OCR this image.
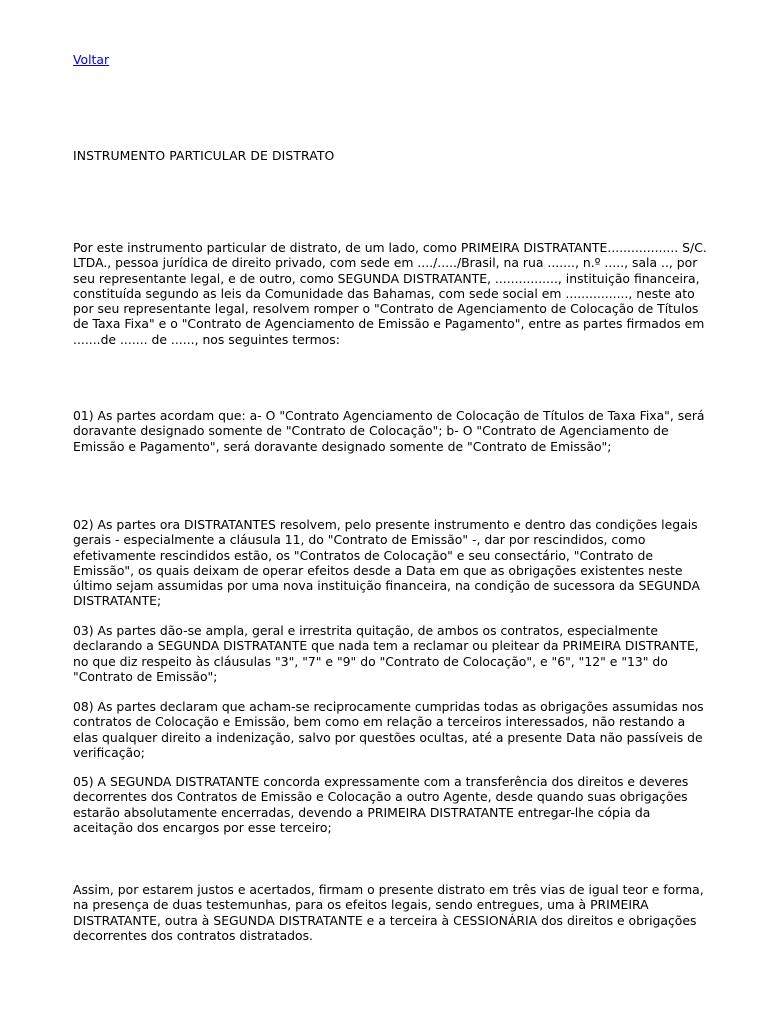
Voltar
INSTRUMENTO PARTICULAR DE DISTRATO

Por este instrumento particular de distrato, de um lado, como PRIMEIRA DISTRATANTE.................. S/C. LTDA., pessoa jurídica de direito privado, com sede em ..../...../Brasil, na rua ......., n.º ....., sala .., por seu representante legal, e de outro, como SEGUNDA DISTRATANTE, ................, instituição financeira, constituída segundo as leis da Comunidade das Bahamas, com sede social em ................, neste ato por seu representante legal, resolvem romper o "Contrato de Agenciamento de Colocação de Títulos de Taxa Fixa" e o "Contrato de Agenciamento de Emissão e Pagamento", entre as partes firmados em .......de ....... de ......, nos seguintes termos:

01) As partes acordam que: a- O "Contrato Agenciamento de Colocação de Títulos de Taxa Fixa", será doravante designado somente de "Contrato de Colocação"; b- O "Contrato de Agenciamento de Emissão e Pagamento", será doravante designado somente de "Contrato de Emissão";

02) As partes ora DISTRATANTES resolvem, pelo presente instrumento e dentro das condições legais gerais - especialmente a cláusula 11, do "Contrato de Emissão" -, dar por rescindidos, como efetivamente rescindidos estão, os "Contratos de Colocação" e seu consectário, "Contrato de Emissão", os quais deixam de operar efeitos desde a Data em que as obrigações existentes neste último sejam assumidas por uma nova instituição financeira, na condição de sucessora da SEGUNDA DISTRATANTE;

03) As partes dão-se ampla, geral e irrestrita quitação, de ambos os contratos, especialmente declarando a SEGUNDA DISTRATANTE que nada tem a reclamar ou pleitear da PRIMEIRA DISTRANTE, no que diz respeito às cláusulas "3", "7" e "9" do "Contrato de Colocação", e "6", "12" e "13" do "Contrato de Emissão";

08) As partes declaram que acham-se reciprocamente cumpridas todas as obrigações assumidas nos contratos de Colocação e Emissão, bem como em relação a terceiros interessados, não restando a elas qualquer direito a indenização, salvo por questões ocultas, até a presente Data não passíveis de verificação;

05) A SEGUNDA DISTRATANTE concorda expressamente com a transferência dos direitos e deveres decorrentes dos Contratos de Emissão e Colocação a outro Agente, desde quando suas obrigações estarão absolutamente encerradas, devendo a PRIMEIRA DISTRATANTE entregar-lhe cópia da aceitação dos encargos por esse terceiro;

Assim, por estarem justos e acertados, firmam o presente distrato em três vias de igual teor e forma, na presença de duas testemunhas, para os efeitos legais, sendo entregues, uma à PRIMEIRA DISTRATANTE, outra à SEGUNDA DISTRATANTE e a terceira à CESSIONÁRIA dos direitos e obrigações decorrentes dos contratos distratados.
